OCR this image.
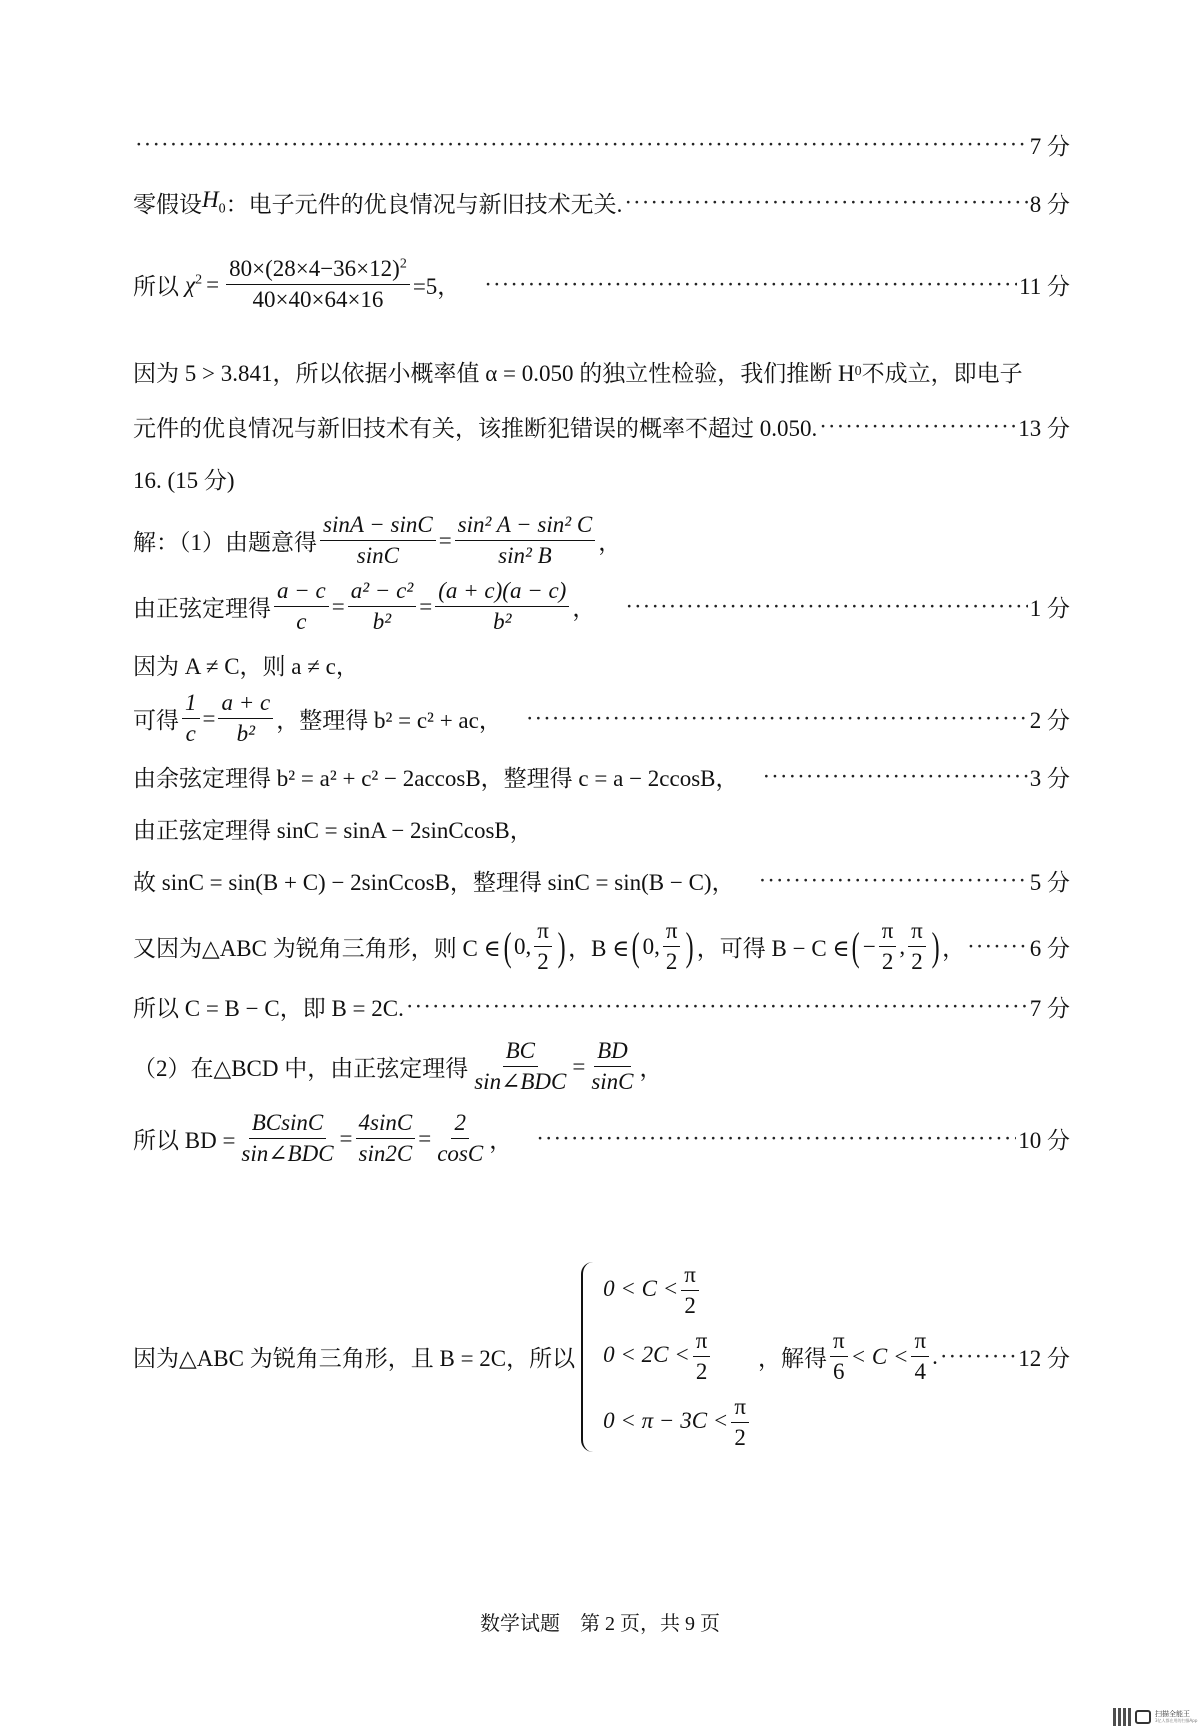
·····
7 分
零假设 $H_0$ ：电子元件的优良情况与新旧技术无关. ·····	8 分
所以 $\chi^2 = \frac{80\times(28\times 4-36\times 12)^2}{40\times 40\times 64\times 16} =5$， ·····	11 分
因为 5 > 3.841，所以依据小概率值 α = 0.050 的独立性检验，我们推断 H 0 不成立，即电子
元件的优良情况与新旧技术有关，该推断犯错误的概率不超过 0.050. ·····	13 分
16. (15 分)
解：（1）由题意得 $\frac{\sin A - \sin C}{\sin C} = \frac{\text{sin² A − sin² C}}{\text{sin² B}}$ ，
由正弦定理得 $\frac{a - c}{c} = \frac{\text{a² − c²}}{\text{b²}} = \frac{(a + c)(a - c)}{\text{b²}}$ ， ·····	1 分
因为 A ≠ C，则 a ≠ c，
可得 $\frac{1}{c} = \frac{a + c}{\text{b²}}$ ，整理得 b² = c² + ac， ·····	2 分
由余弦定理得 b² = a² + c² − 2accosB，整理得 c = a − 2ccosB， ·····	3 分
由正弦定理得 sinC = sinA − 2sinCcosB，
故 sinC = sin(B + C) − 2sinCcosB，整理得 sinC = sin(B − C)， ·····	5 分
又因为△ABC 为锐角三角形，则 C ∈ ( 0, $\frac{\pi}{2}$ ) ，B ∈ ( 0, $\frac{\pi}{2}$ ) ，可得 B − C ∈ ( − $\frac{\pi}{2}$ , $\frac{\pi}{2}$ ) ， ·····	6 分
所以 C = B − C，即 B = 2C. ·····	7 分
（2）在△BCD 中，由正弦定理得 $\frac{BC}{\text{sin∠BDC}} = \frac{BD}{\sin C}$ ，
所以 BD = $\frac{BCsinC}{\text{sin∠BDC}} = \frac{4\sin C}{\sin 2C} = \frac{2}{\cos C}$ ， ·····	10 分
因为△ABC 为锐角三角形，且 B = 2C，所以
$0 < C < \frac{\pi}{2}$
$0 < 2C < \frac{\pi}{2}$
$0 < \pi - 3C < \frac{\pi}{2}$
，解得 $\frac{\pi}{6} < C < \frac{\pi}{4}$ . ·····	12 分
数学试题　第 2 页，共 9 页
扫描全能王
3亿人都在用的扫描App
